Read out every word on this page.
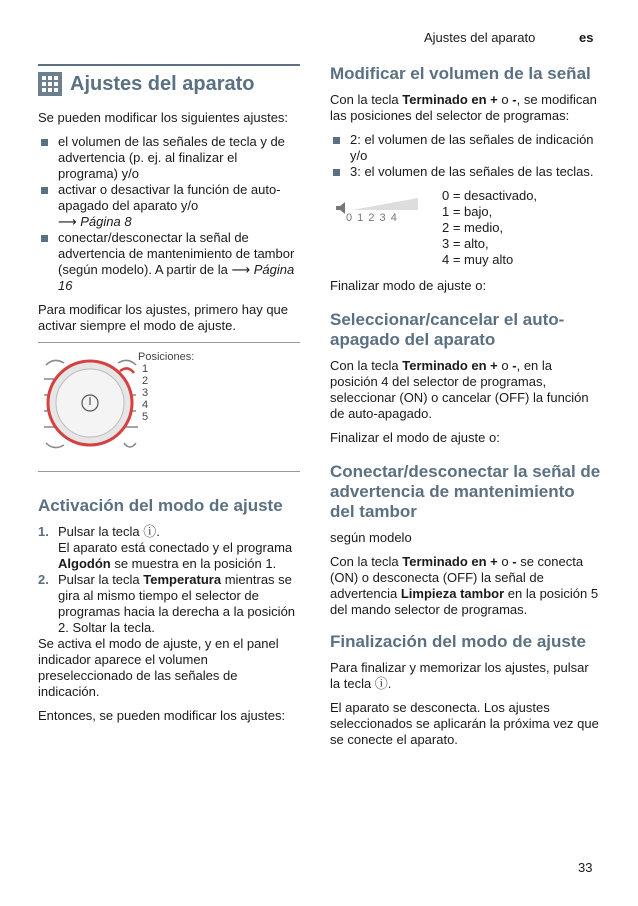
Ajustes del aparato	es
Ajustes del aparato

Se pueden modificar los siguientes ajustes:

el volumen de las señales de tecla y de advertencia (p. ej. al finalizar el programa) y/o
activar o desactivar la función de auto-apagado del aparato y/o
⟶ Página 8
conectar/desconectar la señal de advertencia de mantenimiento de tambor (según modelo). A partir de la ⟶ Página 16

Para modificar los ajustes, primero hay que activar siempre el modo de ajuste.

Posiciones:
1
2
3
4
5
Activación del modo de ajuste
1. Pulsar la tecla ⓘ.
El aparato está conectado y el programa Algodón se muestra en la posición 1.
2. Pulsar la tecla Temperatura mientras se gira al mismo tiempo el selector de programas hacia la derecha a la posición 2. Soltar la tecla.

Se activa el modo de ajuste, y en el panel indicador aparece el volumen preseleccionado de las señales de indicación.

Entonces, se pueden modificar los ajustes:

Modificar el volumen de la señal

Con la tecla Terminado en + o -, se modifican las posiciones del selector de programas:

2: el volumen de las señales de indicación y/o
3: el volumen de las señales de las teclas.
0 1 2 3 4
0 = desactivado,
1 = bajo,
2 = medio,
3 = alto,
4 = muy alto

Finalizar modo de ajuste o:

Seleccionar/cancelar el auto-apagado del aparato

Con la tecla Terminado en + o -, en la posición 4 del selector de programas, seleccionar (ON) o cancelar (OFF) la función de auto-apagado.

Finalizar el modo de ajuste o:

Conectar/desconectar la señal de advertencia de mantenimiento del tambor

según modelo

Con la tecla Terminado en + o - se conecta (ON) o desconecta (OFF) la señal de advertencia Limpieza tambor en la posición 5 del mando selector de programas.

Finalización del modo de ajuste

Para finalizar y memorizar los ajustes, pulsar la tecla ⓘ.

El aparato se desconecta. Los ajustes seleccionados se aplicarán la próxima vez que se conecte el aparato.

33
